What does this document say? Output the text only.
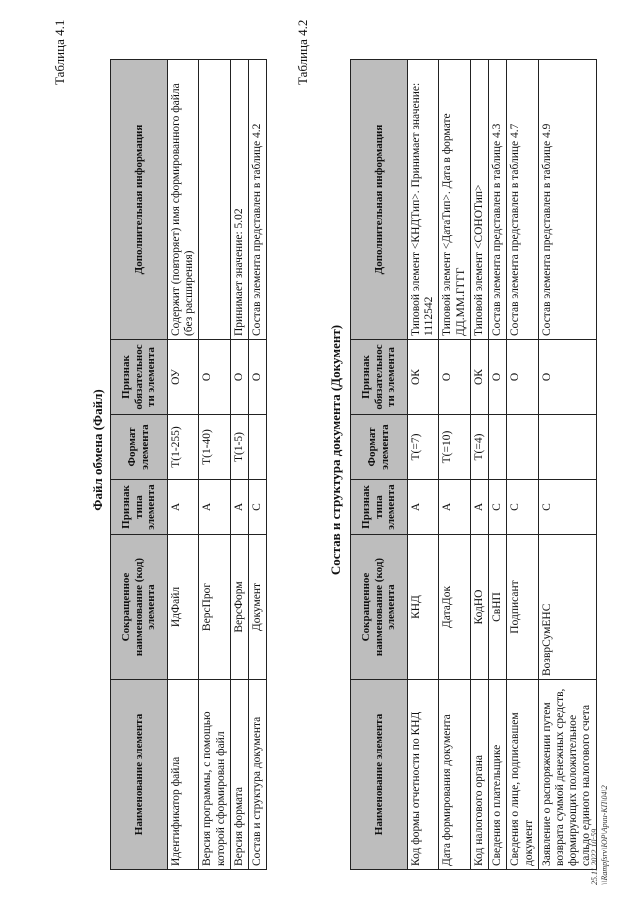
Таблица 4.1
Файл обмена (Файл)
Наименование элемента	Сокращенное наименование (код) элемента	Признак типа элемента	Формат элемента	Признак обязательности элемента	Дополнительная информация
Идентификатор файла	ИдФайл	А	Т(1-255)	ОУ	Содержит (повторяет) имя сформированного файла (без расширения)
Версия программы, с помощью которой сформирован файл	ВерсПрог	А	Т(1-40)	О	
Версия формата	ВерсФорм	А	Т(1-5)	О	Принимает значение: 5.02
Состав и структура документа	Документ	С		О	Состав элемента представлен в таблице 4.2
Таблица 4.2
Состав и структура документа (Документ)
Наименование элемента	Сокращенное наименование (код) элемента	Признак типа элемента	Формат элемента	Признак обязательности элемента	Дополнительная информация
Код формы отчетности по КНД	КНД	А	Т(=7)	ОК	Типовой элемент <КНДТип>. Принимает значение: 1112542
Дата формирования документа	ДатаДок	А	Т(=10)	О	Типовой элемент <ДатаТип>. Дата в формате ДД.ММ.ГГГГ
Код налогового органа	КодНО	А	Т(=4)	ОК	Типовой элемент <СОНОТип>
Сведения о плательщике	СвНП	С		О	Состав элемента представлен в таблице 4.3
Сведения о лице, подписавшем документ	Подписант	С		О	Состав элемента представлен в таблице 4.7
Заявление о распоряжении путем возврата суммой денежных средств, формирующих положительное сальдо единого налогового счета	ВозврСумЕНС	С		О	Состав элемента представлен в таблице 4.9
25.11.2022 10:59 \\Rampfsrv\ЮР\Арии-КП\04\2
